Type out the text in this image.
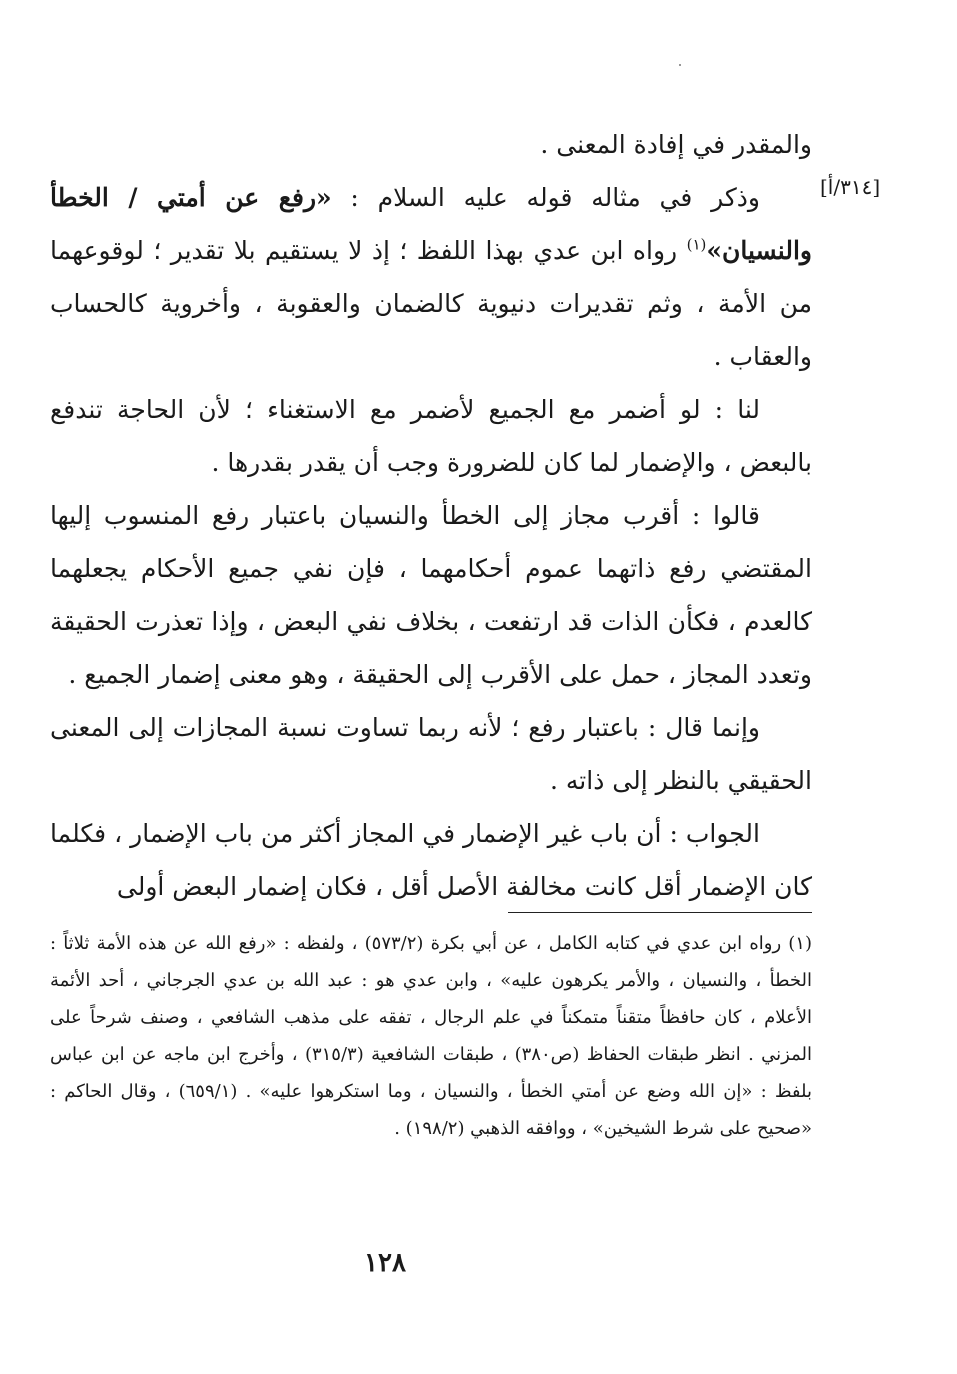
[٣١٤/أ]

والمقدر في إفادة المعنى .

وذكر في مثاله قوله عليه السلام : «رفع عن أمتي / الخطأ والنسيان»$^{(١)}$ رواه ابن عدي بهذا اللفظ ؛ إذ لا يستقيم بلا تقدير ؛ لوقوعهما من الأمة ، وثم تقديرات دنيوية كالضمان والعقوبة ، وأخروية كالحساب والعقاب .

لنا : لو أضمر مع الجميع لأضمر مع الاستغناء ؛ لأن الحاجة تندفع بالبعض ، والإضمار لما كان للضرورة وجب أن يقدر بقدرها .

قالوا : أقرب مجاز إلى الخطأ والنسيان باعتبار رفع المنسوب إليها المقتضي رفع ذاتهما عموم أحكامهما ، فإن نفي جميع الأحكام يجعلهما كالعدم ، فكأن الذات قد ارتفعت ، بخلاف نفي البعض ، وإذا تعذرت الحقيقة وتعدد المجاز ، حمل على الأقرب إلى الحقيقة ، وهو معنى إضمار الجميع .

وإنما قال : باعتبار رفع ؛ لأنه ربما تساوت نسبة المجازات إلى المعنى الحقيقي بالنظر إلى ذاته .

الجواب : أن باب غير الإضمار في المجاز أكثر من باب الإضمار ، فكلما كان الإضمار أقل كانت مخالفة الأصل أقل ، فكان إضمار البعض أولى

(١) رواه ابن عدي في كتابه الكامل ، عن أبي بكرة (٥٧٣/٢) ، ولفظه : «رفع الله عن هذه الأمة ثلاثاً : الخطأ ، والنسيان ، والأمر يكرهون عليه» ، وابن عدي هو : عبد الله بن عدي الجرجاني ، أحد الأئمة الأعلام ، كان حافظاً متقناً متمكناً في علم الرجال ، تفقه على مذهب الشافعي ، وصنف شرحاً على المزني . انظر طبقات الحفاظ (ص٣٨٠) ، طبقات الشافعية (٣١٥/٣) ، وأخرج ابن ماجه عن ابن عباس بلفظ : «إن الله وضع عن أمتي الخطأ ، والنسيان ، وما استكرهوا عليه» . (٦٥٩/١) ، وقال الحاكم : «صحيح على شرط الشيخين» ، ووافقه الذهبي (١٩٨/٢) .

١٢٨
